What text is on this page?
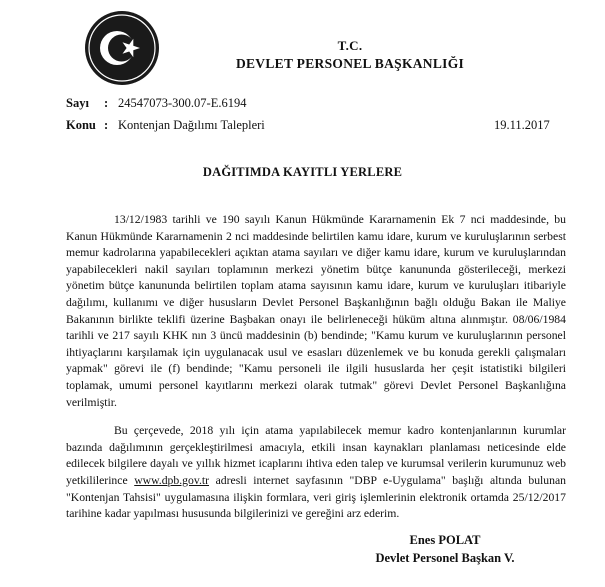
T.C.
DEVLET PERSONEL BAŞKANLIĞI
Sayı : 24547073-300.07-E.6194
Konu : Kontenjan Dağılımı Talepleri	19.11.2017
DAĞITIMDA KAYITLI YERLERE

13/12/1983 tarihli ve 190 sayılı Kanun Hükmünde Kararnamenin Ek 7 nci maddesinde, bu Kanun Hükmünde Kararnamenin 2 nci maddesinde belirtilen kamu idare, kurum ve kuruluşlarının serbest memur kadrolarına yapabilecekleri açıktan atama sayıları ve diğer kamu idare, kurum ve kuruluşlarından yapabilecekleri nakil sayıları toplamının merkezi yönetim bütçe kanununda gösterileceği, merkezi yönetim bütçe kanununda belirtilen toplam atama sayısının kamu idare, kurum ve kuruluşları itibariyle dağılımı, kullanımı ve diğer hususların Devlet Personel Başkanlığının bağlı olduğu Bakan ile Maliye Bakanının birlikte teklifi üzerine Başbakan onayı ile belirleneceği hüküm altına alınmıştır. 08/06/1984 tarihli ve 217 sayılı KHK nın 3 üncü maddesinin (b) bendinde; "Kamu kurum ve kuruluşlarının personel ihtiyaçlarını karşılamak için uygulanacak usul ve esasları düzenlemek ve bu konuda gerekli çalışmaları yapmak" görevi ile (f) bendinde; "Kamu personeli ile ilgili hususlarda her çeşit istatistiki bilgileri toplamak, umumi personel kayıtlarını merkezi olarak tutmak" görevi Devlet Personel Başkanlığına verilmiştir.

Bu çerçevede, 2018 yılı için atama yapılabilecek memur kadro kontenjanlarının kurumlar bazında dağılımının gerçekleştirilmesi amacıyla, etkili insan kaynakları planlaması neticesinde elde edilecek bilgilere dayalı ve yıllık hizmet icaplarını ihtiva eden talep ve kurumsal verilerin kurumunuz web yetkililerince www.dpb.gov.tr adresli internet sayfasının "DBP e-Uygulama" başlığı altında bulunan "Kontenjan Tahsisi" uygulamasına ilişkin formlara, veri giriş işlemlerinin elektronik ortamda 25/12/2017 tarihine kadar yapılması hususunda bilgilerinizi ve gereğini arz ederim.

Enes POLAT
Devlet Personel Başkan V.
